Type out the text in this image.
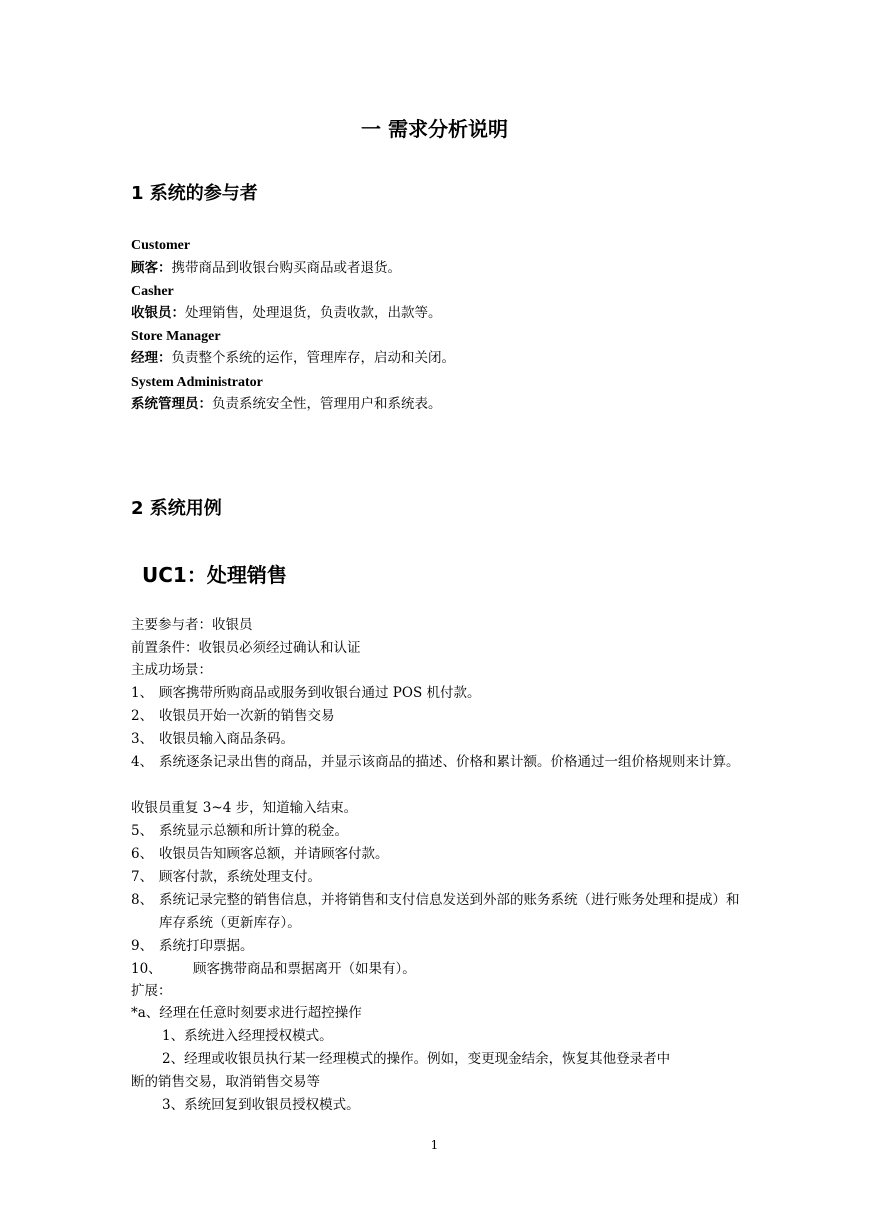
一 需求分析说明
1 系统的参与者
Customer
顾客：携带商品到收银台购买商品或者退货。
Casher
收银员：处理销售，处理退货，负责收款，出款等。
Store Manager
经理：负责整个系统的运作，管理库存，启动和关闭。
System Administrator
系统管理员：负责系统安全性，管理用户和系统表。
2 系统用例
UC1：处理销售
主要参与者：收银员
前置条件：收银员必须经过确认和认证
主成功场景：
1、 顾客携带所购商品或服务到收银台通过 POS 机付款。
2、 收银员开始一次新的销售交易
3、 收银员输入商品条码。
4、 系统逐条记录出售的商品，并显示该商品的描述、价格和累计额。价格通过一组价格规则来计算。
收银员重复 3~4 步，知道输入结束。
5、 系统显示总额和所计算的税金。
6、 收银员告知顾客总额，并请顾客付款。
7、 顾客付款，系统处理支付。
8、 系统记录完整的销售信息，并将销售和支付信息发送到外部的账务系统（进行账务处理和提成）和库存系统（更新库存）。
9、 系统打印票据。
10、 顾客携带商品和票据离开（如果有）。
扩展：
*a、经理在任意时刻要求进行超控操作
1、系统进入经理授权模式。
2、经理或收银员执行某一经理模式的操作。例如，变更现金结余，恢复其他登录者中
断的销售交易，取消销售交易等
3、系统回复到收银员授权模式。
1
